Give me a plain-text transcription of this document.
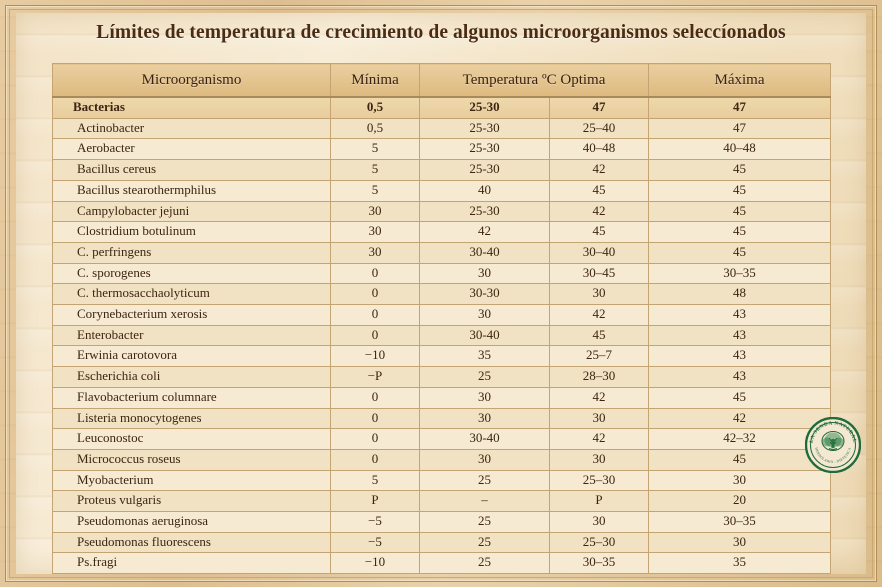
Límites de temperatura de crecimiento de algunos microorganismos seleccíonados
Microorganismo	Mínima	Temperatura ºC Optima		Máxima
Bacterias	0,5	25-30	47	47
Actinobacter	0,5	25-30	25–40	47
Aerobacter	5	25-30	40–48	40–48
Bacillus cereus	5	25-30	42	45
Bacillus stearothermphilus	5	40	45	45
Campylobacter jejuni	30	25-30	42	45
Clostridium botulinum	30	42	45	45
C. perfringens	30	30-40	30–40	45
C. sporogenes	0	30	30–45	30–35
C. thermosacchaolyticum	0	30-30	30	48
Corynebacterium xerosis	0	30	42	43
Enterobacter	0	30-40	45	43
Erwinia carotovora	−10	35	25–7	43
Escherichia coli	−P	25	28–30	43
Flavobacterium columnare	0	30	42	45
Listeria monocytogenes	0	30	30	42
Leuconostoc	0	30-40	42	42–32
Micrococcus roseus	0	30	30	45
Myobacterium	5	25	25–30	30
Proteus vulgaris	P	–	P	20
Pseudomonas aeruginosa	−5	25	30	30–35
Pseudomonas fluorescens	−5	25	25–30	30
Ps.fragi	−10	25	30–35	35
LA SENDA NATURAL
HERBOLARIO - DIETETICA
